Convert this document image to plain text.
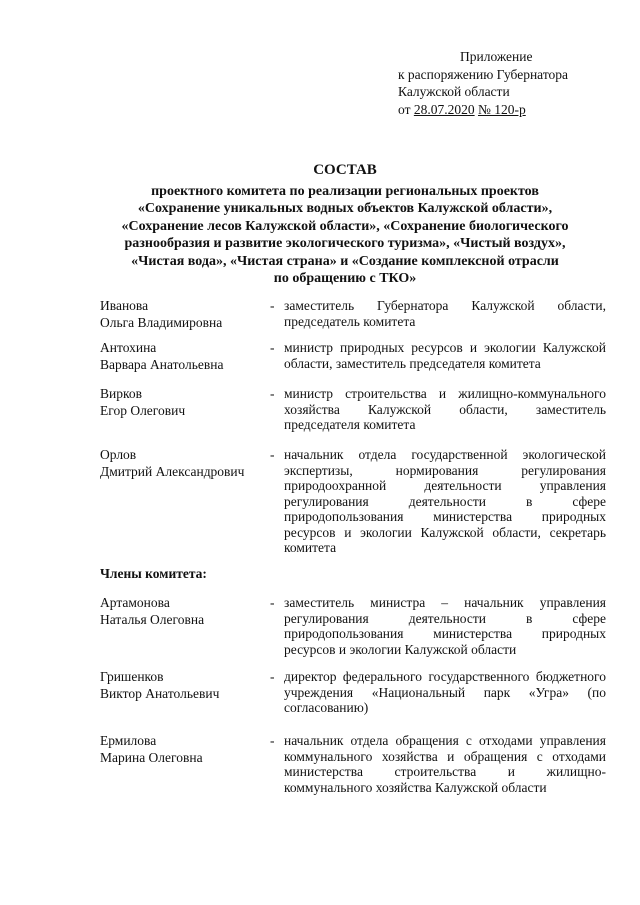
Приложение
к распоряжению Губернатора
Калужской области
от 28.07.2020 № 120-р
СОСТАВ
проектного комитета по реализации региональных проектов
«Сохранение уникальных водных объектов Калужской области»,
«Сохранение лесов Калужской области», «Сохранение биологического
разнообразия и развитие экологического туризма», «Чистый воздух»,
«Чистая вода», «Чистая страна» и «Создание комплексной отрасли
по обращению с ТКО»
Иванова
Ольга Владимировна
- заместитель Губернатора Калужской области, председатель комитета
Антохина
Варвара Анатольевна
- министр природных ресурсов и экологии Калужской области, заместитель председателя комитета
Вирков
Егор Олегович
- министр строительства и жилищно-коммунального хозяйства Калужской области, заместитель председателя комитета
Орлов
Дмитрий Александрович
- начальник отдела государственной экологической экспертизы, нормирования регулирования природоохранной деятельности управления регулирования деятельности в сфере природопользования министерства природных ресурсов и экологии Калужской области, секретарь комитета
Члены комитета:
Артамонова
Наталья Олеговна
- заместитель министра – начальник управления регулирования деятельности в сфере природопользования министерства природных ресурсов и экологии Калужской области
Гришенков
Виктор Анатольевич
- директор федерального государственного бюджетного учреждения «Национальный парк «Угра» (по согласованию)
Ермилова
Марина Олеговна
- начальник отдела обращения с отходами управления коммунального хозяйства и обращения с отходами министерства строительства и жилищно-коммунального хозяйства Калужской области
